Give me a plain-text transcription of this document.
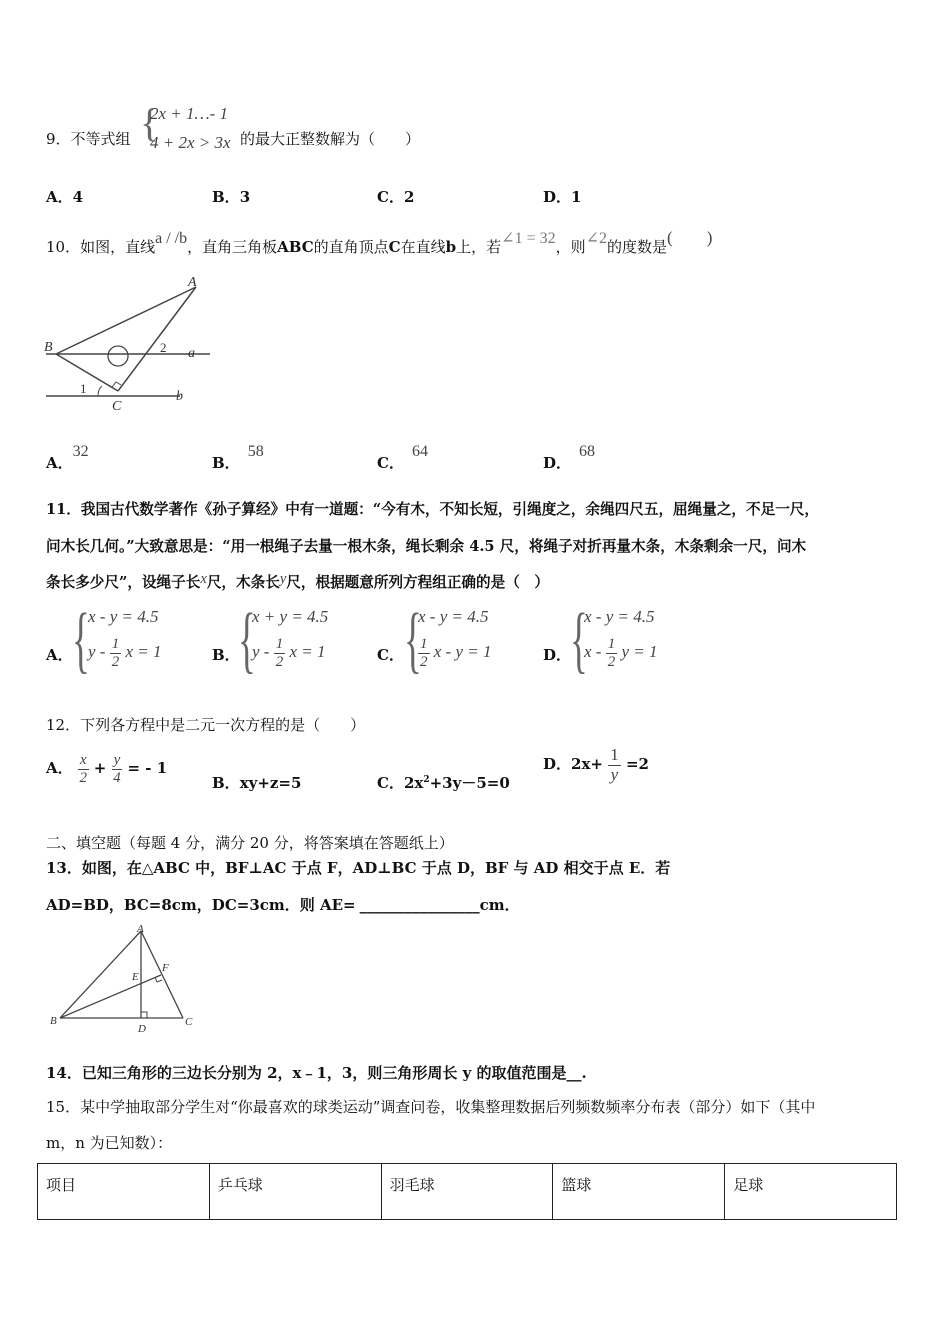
9．不等式组 {
2x + 1…- 1
4 + 2x > 3x 的最大正整数解为（　　）
A．4	B．3	C．2	D．1
10．如图，直线a / /b，直角三角板ABC的直角顶点C在直线b上，若∠1 = 32，则∠2的度数是(　　)
A
B
C
a
b
1
2
A．32
B．58
C．64
D．68
11．我国古代数学著作《孙子算经》中有一道题：“今有木，不知长短，引绳度之，余绳四尺五，屈绳量之，不足一尺，
问木长几何。”大致意思是：“用一根绳子去量一根木条，绳长剩余 4.5 尺，将绳子对折再量木条，木条剩余一尺，问木
条长多少尺”，设绳子长x尺，木条长y尺，根据题意所列方程组正确的是（　）
A． {
x - y = 4.5
y - $\frac{1}{2}$ x = 1	B．
{
x + y = 4.5
y - $\frac{1}{2}$ x = 1	C． {
x - y = 4.5
$\frac{1}{2}$ x - y = 1	D．
{
x - y = 4.5
x - $\frac{1}{2}$ y = 1
12．下列各方程中是二元一次方程的是（　　）
A． $\frac{x}{2} + \frac{y}{4}$ = - 1
B．xy+z=5	C．$2x^2+3y-5=0$
D．$2x+ \frac{1}{y} =2$
二、填空题（每题 4 分，满分 20 分，将答案填在答题纸上）
13．如图，在△ABC 中，BF⊥AC 于点 F，AD⊥BC 于点 D，BF 与 AD 相交于点 E．若
AD=BD，BC=8cm，DC=3cm．则 AE= ________________cm．
A
B	C
D
E
F
14．已知三角形的三边长分别为 2，x﹣1，3，则三角形周长 y 的取值范围是__.
15．某中学抽取部分学生对“你最喜欢的球类运动”调查问卷，收集整理数据后列频数频率分布表（部分）如下（其中
m，n 为已知数）：
项目	乒乓球	羽毛球	篮球	足球
